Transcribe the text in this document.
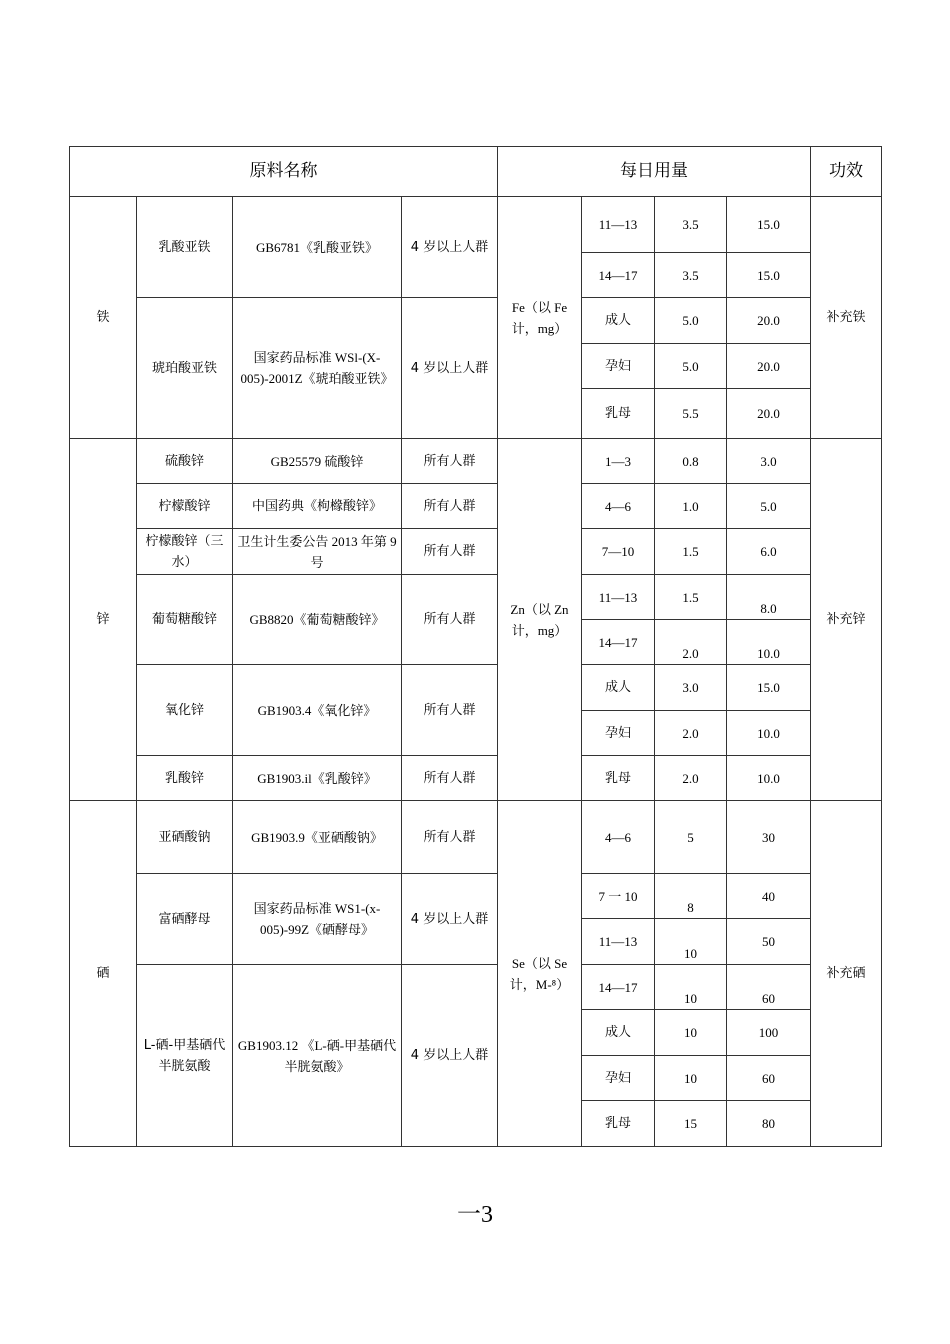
原料名称				每日用量				功效
铁	乳酸亚铁	GB6781《乳酸亚铁》	4 岁以上人群	Fe（以 Fe 计，mg）	11—13	3.5	15.0	补充铁
					14—17	3.5	15.0	
	琥珀酸亚铁	国家药品标准 WSl-(X-005)-2001Z《琥珀酸亚铁》	4 岁以上人群		成人	5.0	20.0	
					孕妇	5.0	20.0	
					乳母	5.5	20.0	
锌	硫酸锌	GB25579 硫酸锌	所有人群	Zn（以 Zn 计，mg）	1—3	0.8	3.0	补充锌
	柠檬酸锌	中国药典《枸橼酸锌》	所有人群		4—6	1.0	5.0	
	柠檬酸锌（三水）	卫生计生委公告 2013 年第 9 号	所有人群		7—10	1.5	6.0	
	葡萄糖酸锌	GB8820《葡萄糖酸锌》	所有人群		11—13	1.5	8.0	
					14—17	2.0	10.0	
	氧化锌	GB1903.4《氧化锌》	所有人群		成人	3.0	15.0	
					孕妇	2.0	10.0	
	乳酸锌	GB1903.il《乳酸锌》	所有人群		乳母	2.0	10.0	
硒	亚硒酸钠	GB1903.9《亚硒酸钠》	所有人群	Se（以 Se 计，M-⁸）	4—6	5	30	补充硒
	富硒酵母	国家药品标准 WS1-(x-005)-99Z《硒酵母》	4 岁以上人群		7 一 10	8	40	
					11—13	10	50	
	L-硒-甲基硒代半胱氨酸	GB1903.12 《L-硒-甲基硒代半胱氨酸》	4 岁以上人群		14—17	10	60	
					成人	10	100	
					孕妇	10	60	
					乳母	15	80	
一3
